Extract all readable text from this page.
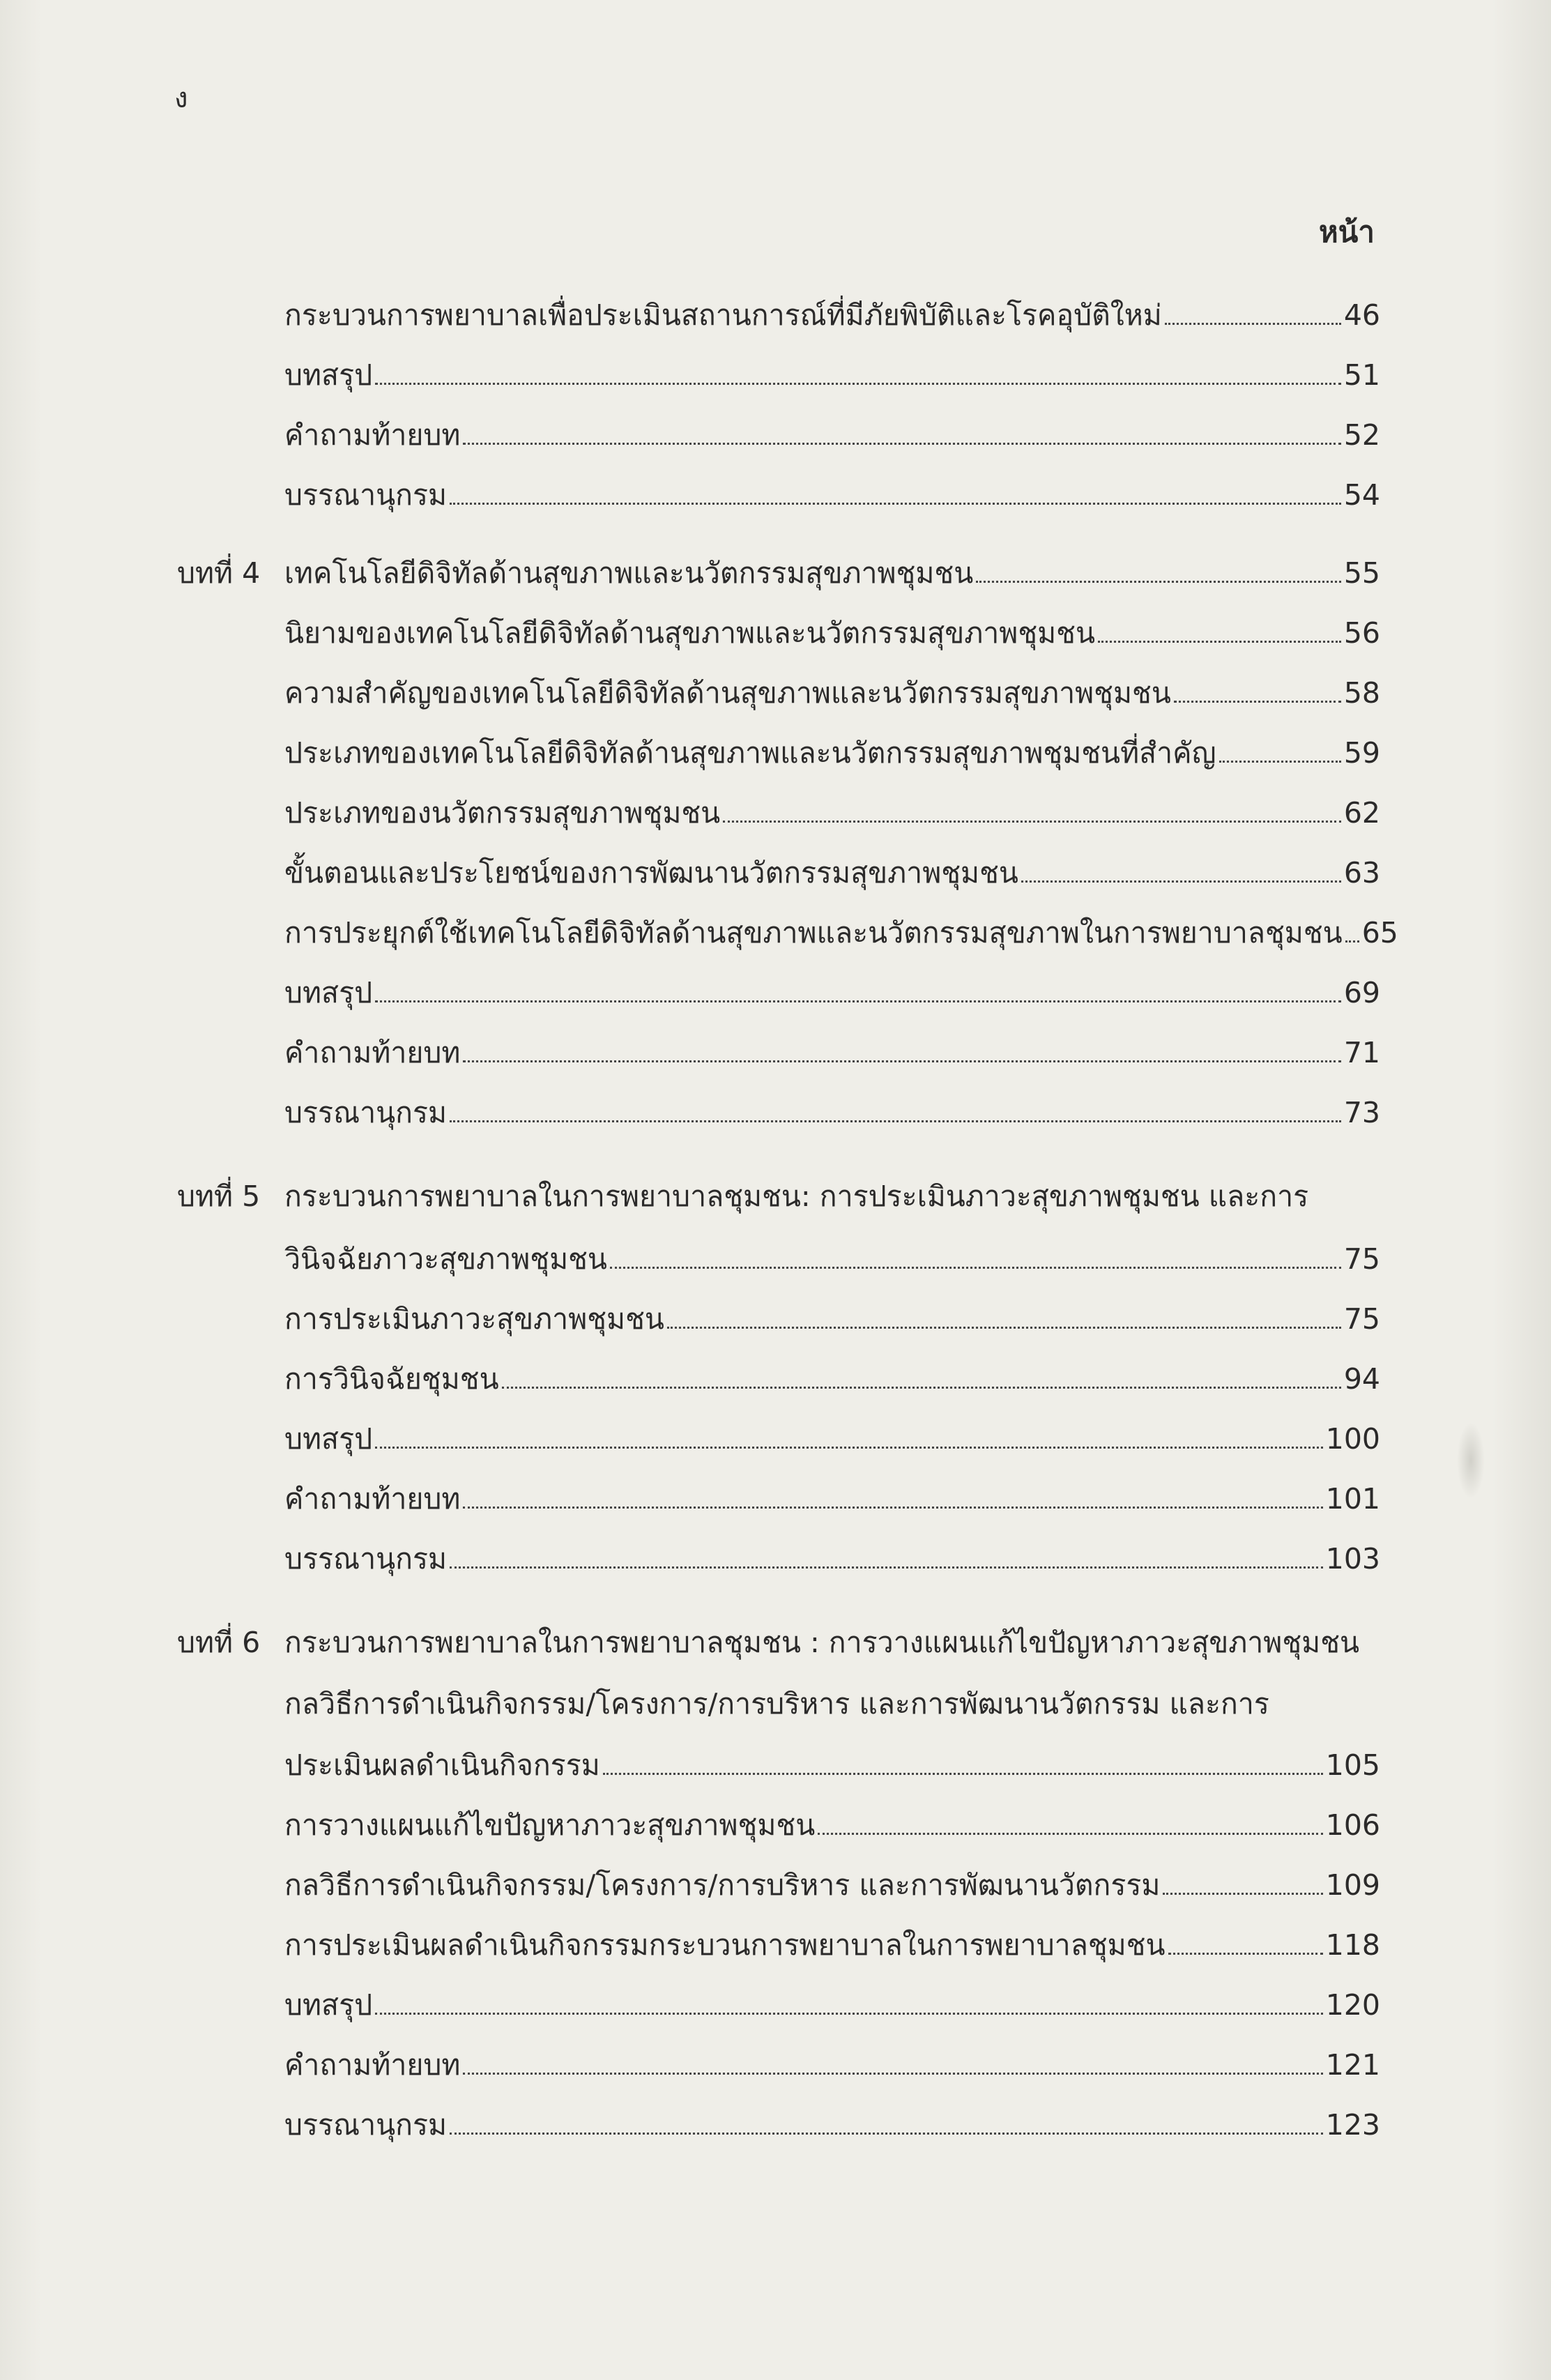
ง
หน้า
กระบวนการพยาบาลเพื่อประเมินสถานการณ์ที่มีภัยพิบัติและโรคอุบัติใหม่	46
บทสรุป	51
คำถามท้ายบท	52
บรรณานุกรม	54
บทที่ 4 เทคโนโลยีดิจิทัลด้านสุขภาพและนวัตกรรมสุขภาพชุมชน	55
นิยามของเทคโนโลยีดิจิทัลด้านสุขภาพและนวัตกรรมสุขภาพชุมชน	56
ความสำคัญของเทคโนโลยีดิจิทัลด้านสุขภาพและนวัตกรรมสุขภาพชุมชน	58
ประเภทของเทคโนโลยีดิจิทัลด้านสุขภาพและนวัตกรรมสุขภาพชุมชนที่สำคัญ	59
ประเภทของนวัตกรรมสุขภาพชุมชน	62
ขั้นตอนและประโยชน์ของการพัฒนานวัตกรรมสุขภาพชุมชน	63
การประยุกต์ใช้เทคโนโลยีดิจิทัลด้านสุขภาพและนวัตกรรมสุขภาพในการพยาบาลชุมชน 65
บทสรุป	69
คำถามท้ายบท	71
บรรณานุกรม	73
บทที่ 5 กระบวนการพยาบาลในการพยาบาลชุมชน: การประเมินภาวะสุขภาพชุมชน และการ
วินิจฉัยภาวะสุขภาพชุมชน	75
การประเมินภาวะสุขภาพชุมชน	75
การวินิจฉัยชุมชน	94
บทสรุป	100
คำถามท้ายบท	101
บรรณานุกรม	103
บทที่ 6 กระบวนการพยาบาลในการพยาบาลชุมชน : การวางแผนแก้ไขปัญหาภาวะสุขภาพชุมชน
กลวิธีการดำเนินกิจกรรม/โครงการ/การบริหาร และการพัฒนานวัตกรรม และการ
ประเมินผลดำเนินกิจกรรม	105
การวางแผนแก้ไขปัญหาภาวะสุขภาพชุมชน	106
กลวิธีการดำเนินกิจกรรม/โครงการ/การบริหาร และการพัฒนานวัตกรรม	109
การประเมินผลดำเนินกิจกรรมกระบวนการพยาบาลในการพยาบาลชุมชน	118
บทสรุป	120
คำถามท้ายบท	121
บรรณานุกรม	123
